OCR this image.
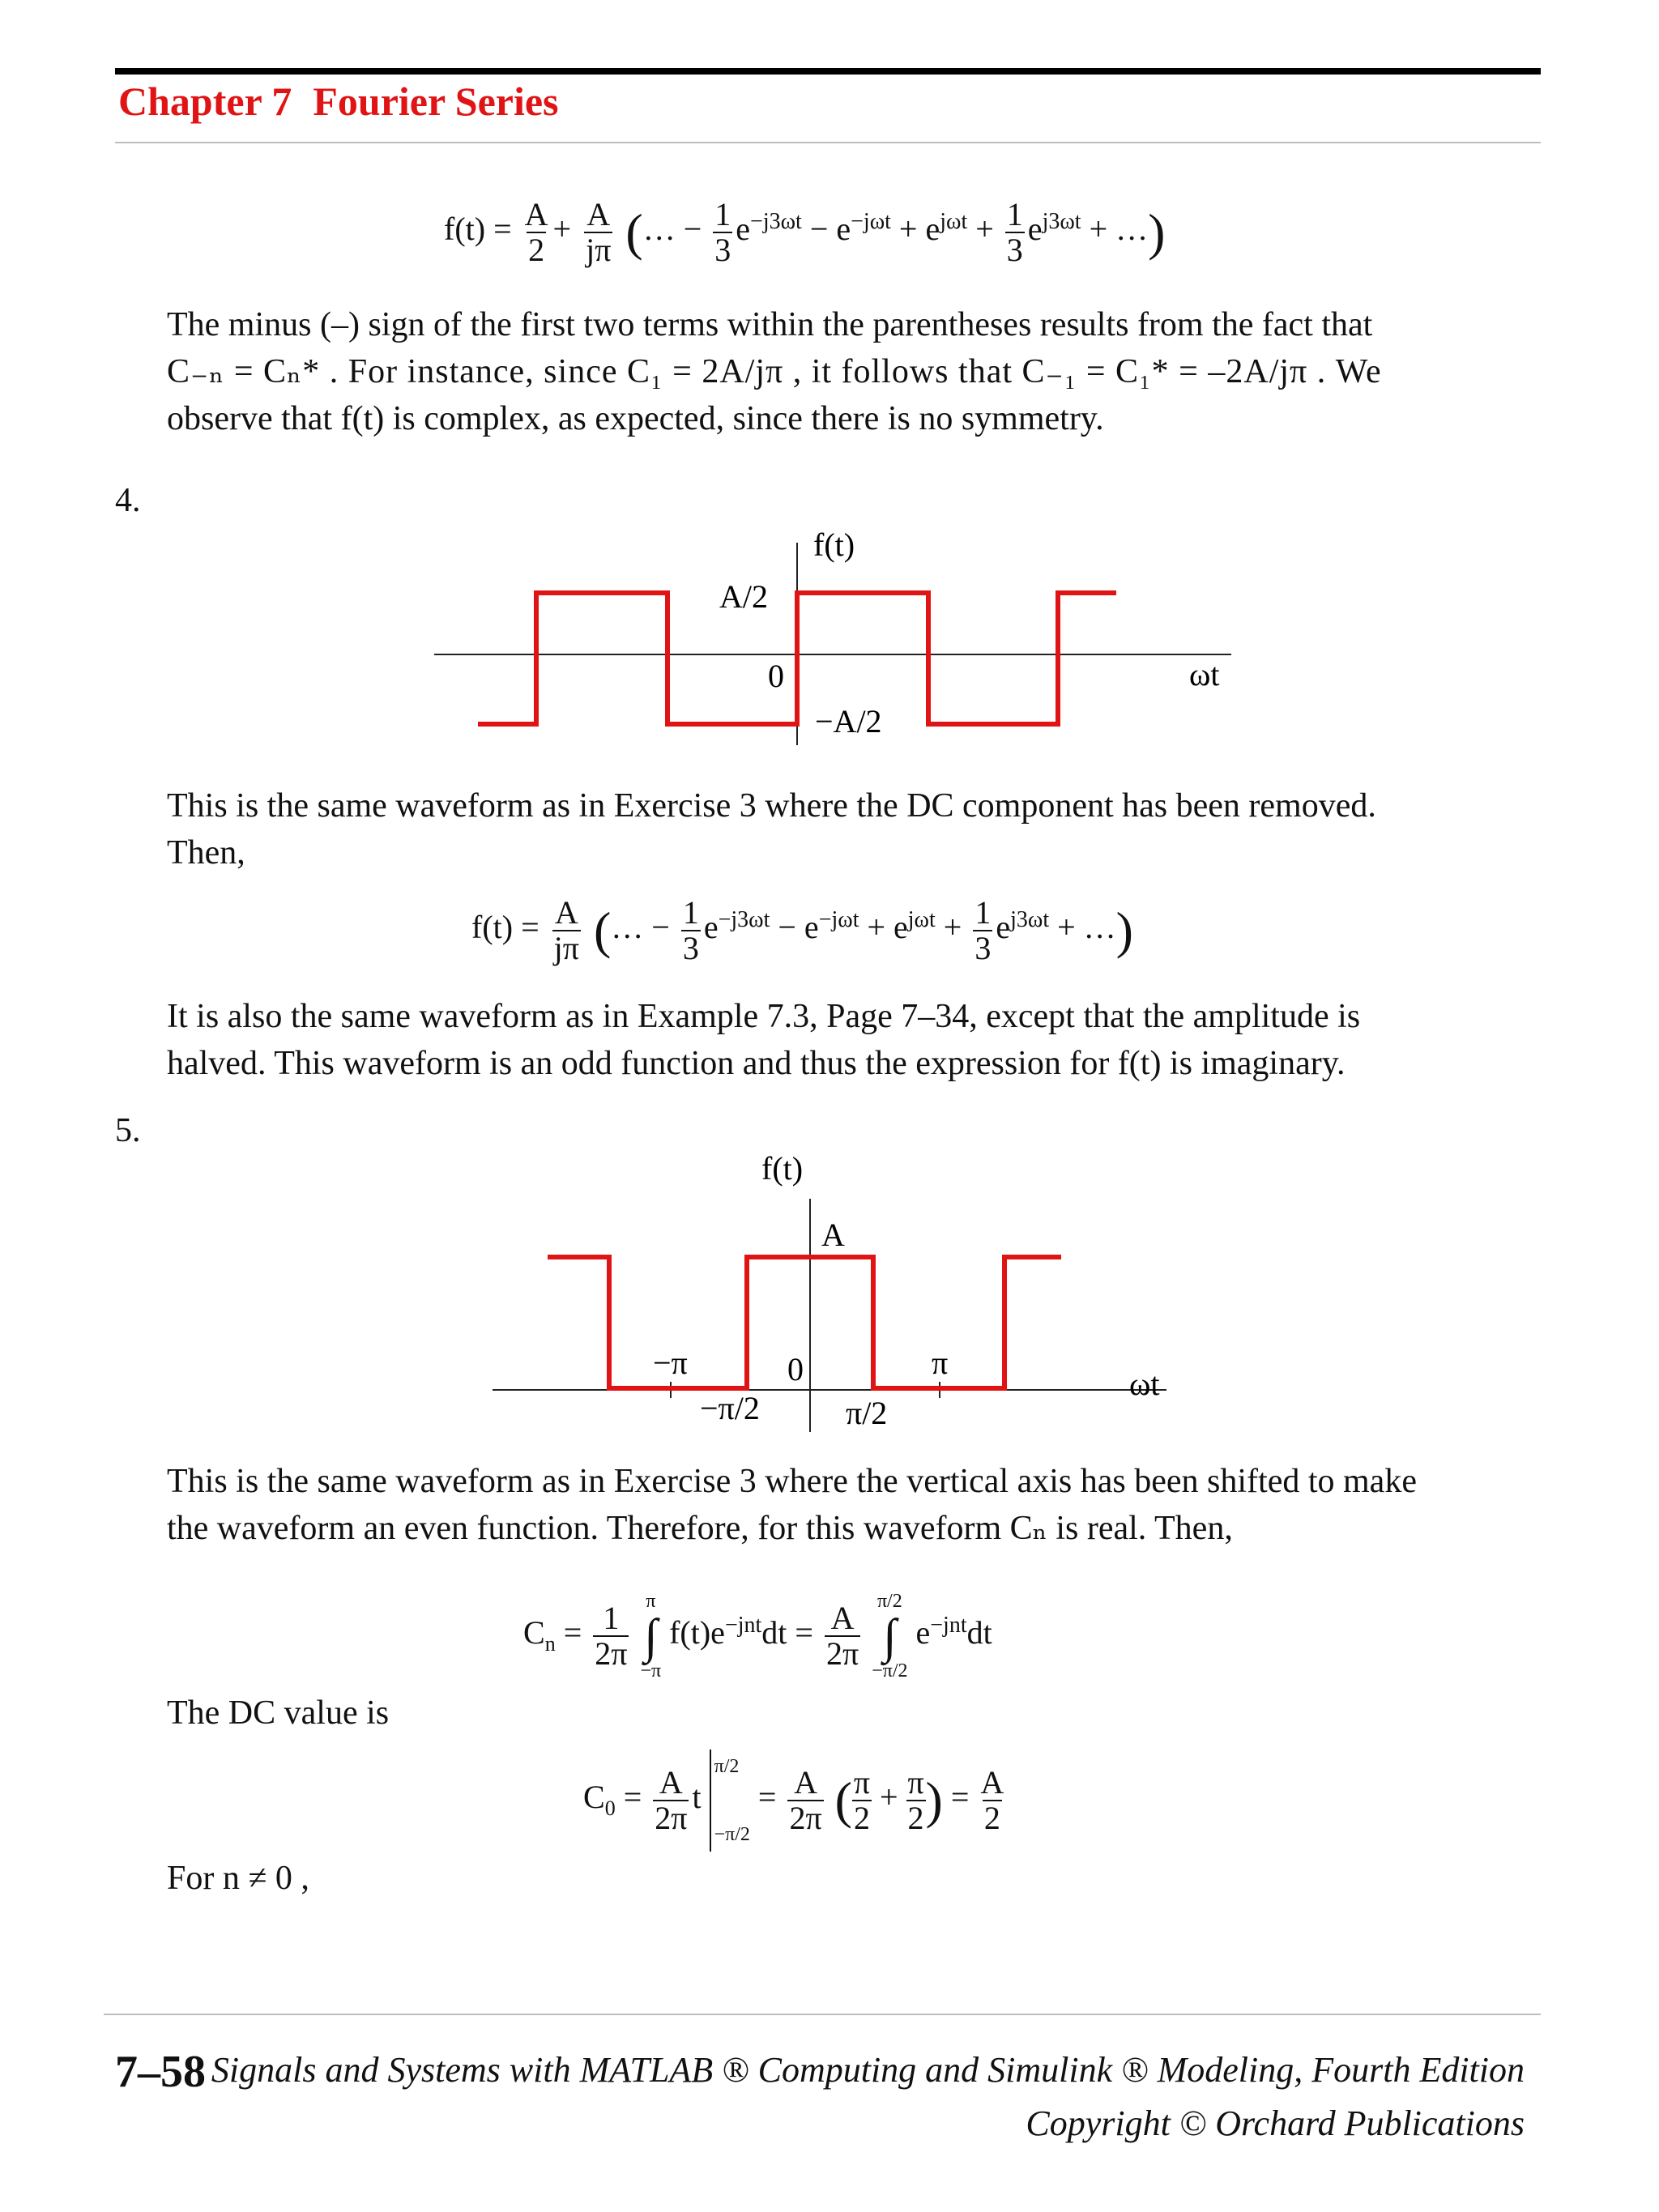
Chapter 7 Fourier Series
$f(t) = \frac{A}{2} + \frac{A}{j\pi}$ (… − $\frac{1}{3} e^{-j3\omega t} - e^{-j\omega t} + e^{j\omega t} + \frac{1}{3} e^{j3\omega t}$ + …)
The minus (–) sign of the first two terms within the parentheses results from the fact that
C₋ₙ = Cₙ* . For instance, since C₁ = 2A/jπ , it follows that C₋₁ = C₁* = –2A/jπ . We
observe that f(t) is complex, as expected, since there is no symmetry.
4.
f(t)
A/2
0
−A/2
ωt
This is the same waveform as in Exercise 3 where the DC component has been removed.
Then,
$f(t) = \frac{A}{j\pi}$ (… − $\frac{1}{3} e^{-j3\omega t} - e^{-j\omega t} + e^{j\omega t} + \frac{1}{3} e^{j3\omega t}$ + …)
It is also the same waveform as in Example 7.3, Page 7–34, except that the amplitude is
halved. This waveform is an odd function and thus the expression for f(t) is imaginary.
5.
f(t)
A
0
−π	π
−π/2	π/2
ωt
This is the same waveform as in Exercise 3 where the vertical axis has been shifted to make
the waveform an even function. Therefore, for this waveform Cₙ is real. Then,
$C_n = \frac{1}{2\pi}$ π
∫
−π $f(t)e^{-jnt}dt = \frac{A}{2\pi} \pi/2$
∫
−π/2 $e^{-jnt}dt$
The DC value is
$C_0 = \frac{A}{2\pi}$ t π/2

$-\pi/2 = \frac{A}{2\pi} (\frac{\pi}{2} + \frac{\pi}{2}) = \frac{A}{2}$
For n ≠ 0 ,
7–58 Signals and Systems with MATLAB ® Computing and Simulink ® Modeling, Fourth Edition
Copyright © Orchard Publications
